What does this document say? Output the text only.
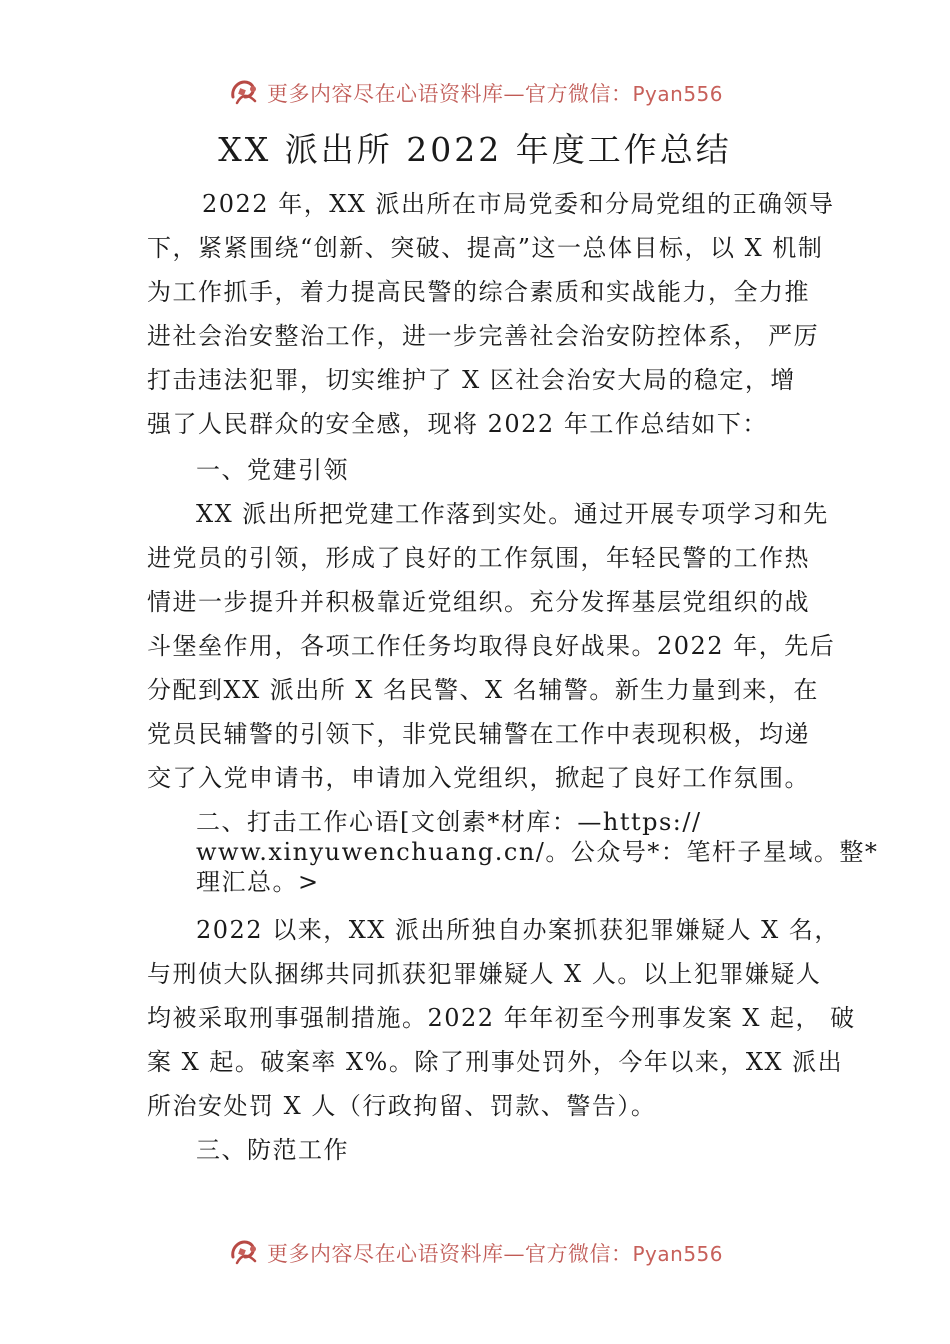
更多内容尽在心语资料库—官方微信：Pyan556
XX 派出所 2022 年度工作总结

2022 年，XX 派出所在市局党委和分局党组的正确领导

下，紧紧围绕“创新、突破、提高”这一总体目标，以 X 机制

为工作抓手，着力提高民警的综合素质和实战能力，全力推

进社会治安整治工作，进一步完善社会治安防控体系， 严厉

打击违法犯罪，切实维护了 X 区社会治安大局的稳定，增

强了人民群众的安全感，现将 2022 年工作总结如下：

一、党建引领

XX 派出所把党建工作落到实处。通过开展专项学习和先

进党员的引领，形成了良好的工作氛围，年轻民警的工作热

情进一步提升并积极靠近党组织。充分发挥基层党组织的战

斗堡垒作用，各项工作任务均取得良好战果。2022 年，先后

分配到XX 派出所 X 名民警、X 名辅警。新生力量到来，在

党员民辅警的引领下，非党民辅警在工作中表现积极，均递

交了入党申请书，申请加入党组织，掀起了良好工作氛围。

二、打击工作心语[文创素*材库：—https://

www.xinyuwenchuang.cn/。公众号*：笔杆子星域。整*

理汇总。>

2022 以来，XX 派出所独自办案抓获犯罪嫌疑人 X 名，

与刑侦大队捆绑共同抓获犯罪嫌疑人 X 人。以上犯罪嫌疑人

均被采取刑事强制措施。2022 年年初至今刑事发案 X 起， 破

案 X 起。破案率 X%。除了刑事处罚外，今年以来，XX 派出

所治安处罚 X 人（行政拘留、罚款、警告）。

三、防范工作

更多内容尽在心语资料库—官方微信：Pyan556
